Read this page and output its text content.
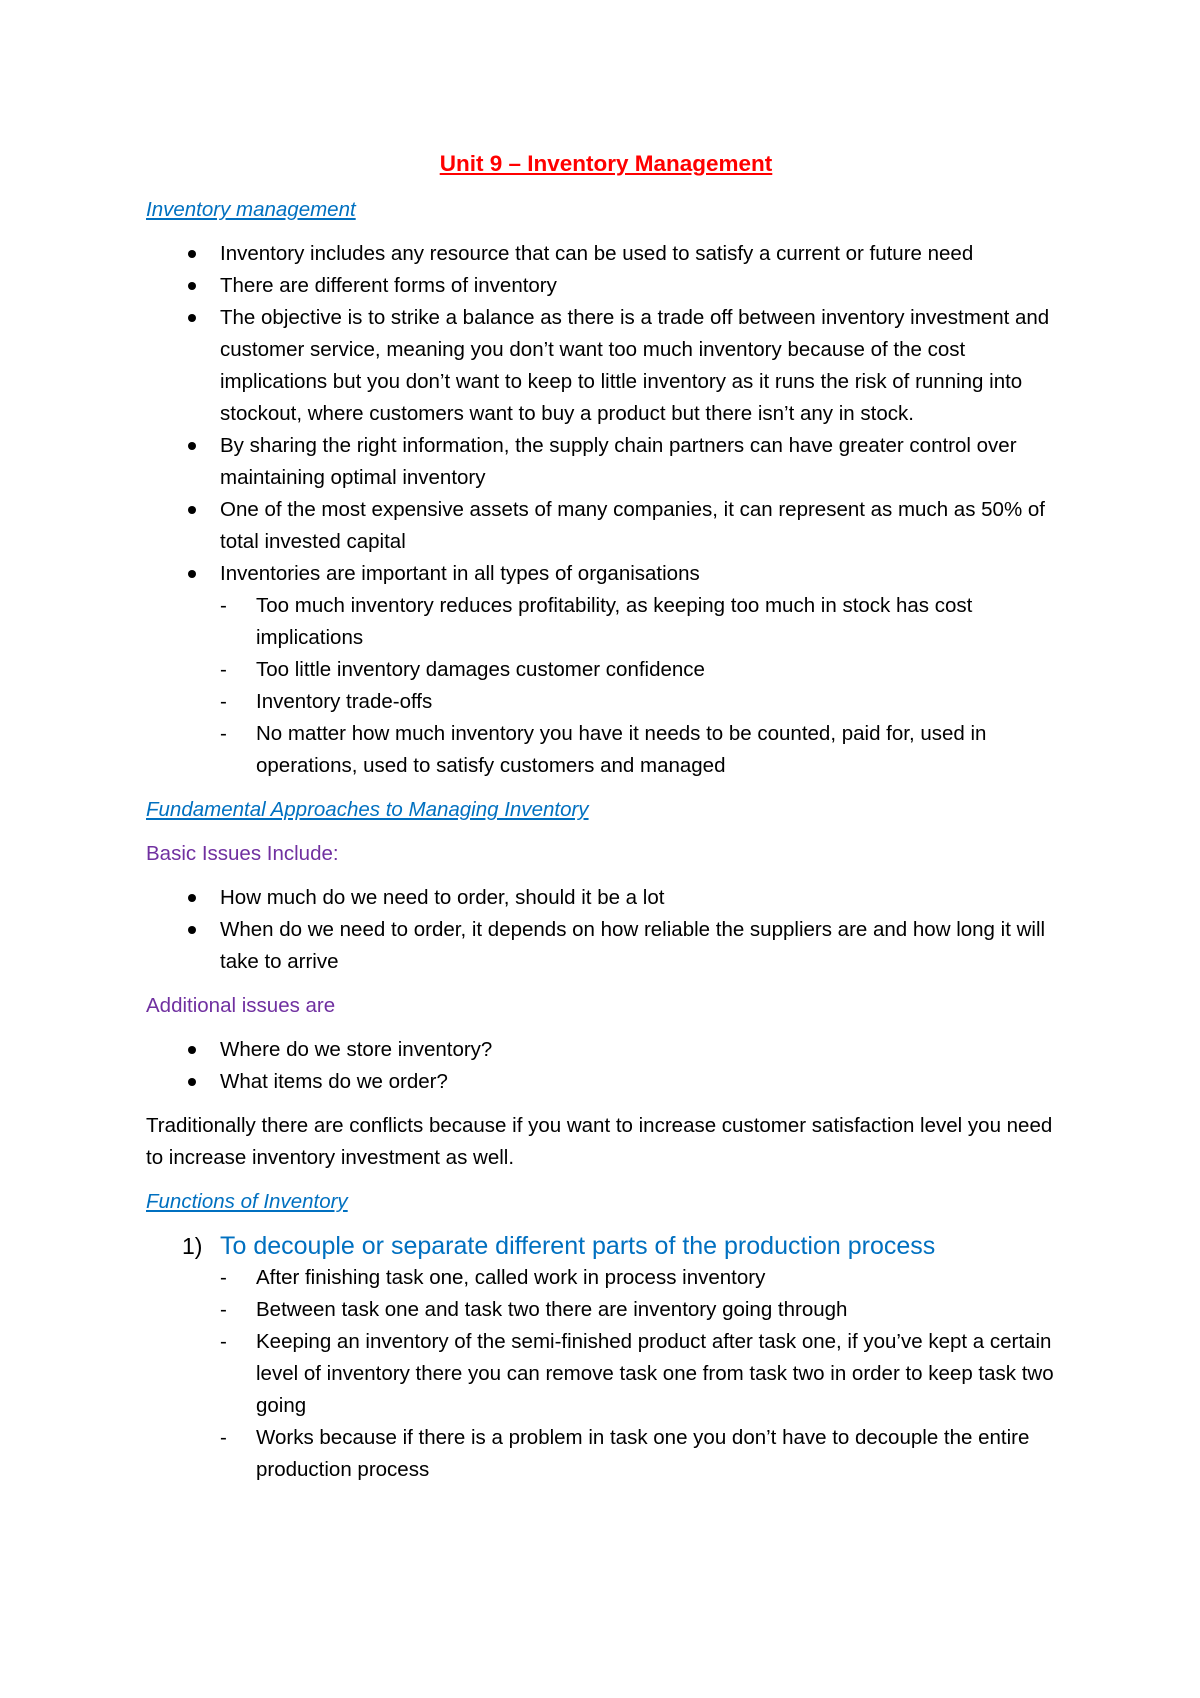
Unit 9 – Inventory Management
Inventory management
Inventory includes any resource that can be used to satisfy a current or future need
There are different forms of inventory
The objective is to strike a balance as there is a trade off between inventory investment and customer service, meaning you don’t want too much inventory because of the cost implications but you don’t want to keep to little inventory as it runs the risk of running into stockout, where customers want to buy a product but there isn’t any in stock.
By sharing the right information, the supply chain partners can have greater control over maintaining optimal inventory
One of the most expensive assets of many companies, it can represent as much as 50% of total invested capital
Inventories are important in all types of organisations
- Too much inventory reduces profitability, as keeping too much in stock has cost implications
- Too little inventory damages customer confidence
- Inventory trade-offs
- No matter how much inventory you have it needs to be counted, paid for, used in operations, used to satisfy customers and managed
Fundamental Approaches to Managing Inventory
Basic Issues Include:
How much do we need to order, should it be a lot
When do we need to order, it depends on how reliable the suppliers are and how long it will take to arrive
Additional issues are
Where do we store inventory?
What items do we order?
Traditionally there are conflicts because if you want to increase customer satisfaction level you need to increase inventory investment as well.
Functions of Inventory
1) To decouple or separate different parts of the production process
- After finishing task one, called work in process inventory
- Between task one and task two there are inventory going through
- Keeping an inventory of the semi-finished product after task one, if you’ve kept a certain level of inventory there you can remove task one from task two in order to keep task two going
- Works because if there is a problem in task one you don’t have to decouple the entire production process
